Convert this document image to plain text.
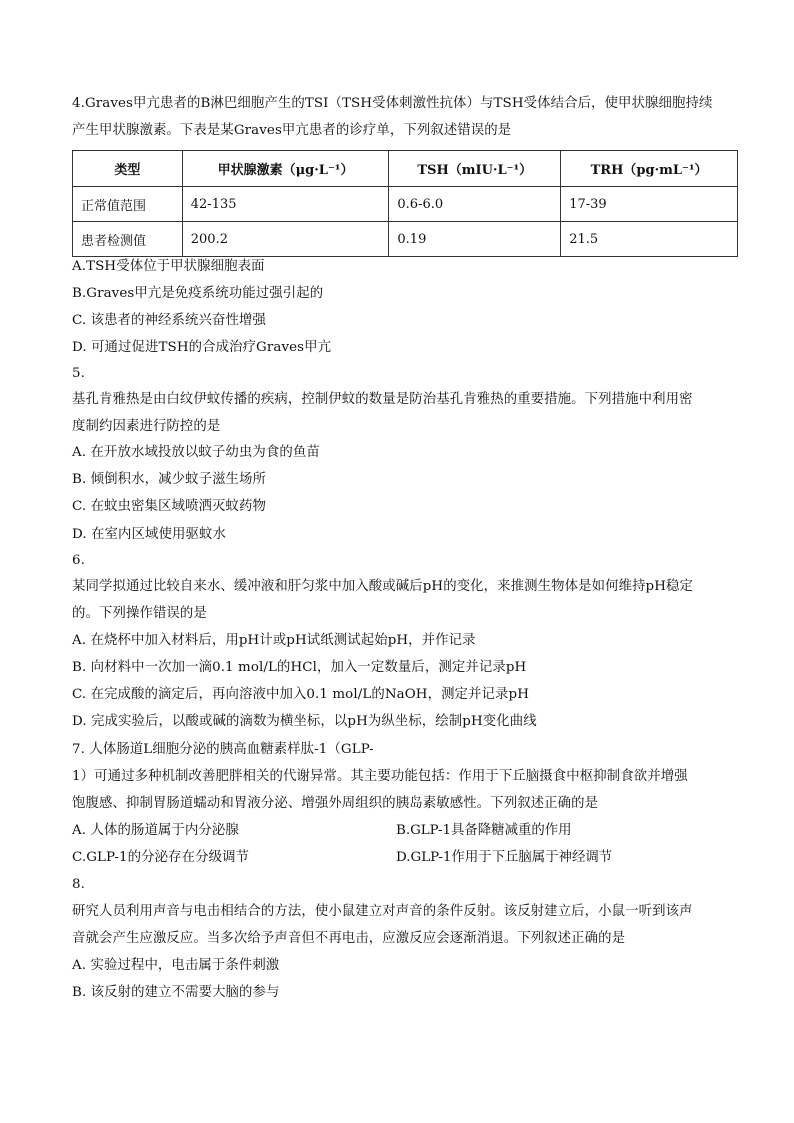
4.Graves甲亢患者的B淋巴细胞产生的TSI（TSH受体刺激性抗体）与TSH受体结合后，使甲状腺细胞持续
产生甲状腺激素。下表是某Graves甲亢患者的诊疗单，下列叙述错误的是
类型	甲状腺激素（μg·L⁻¹）	TSH（mIU·L⁻¹）	TRH（pg·mL⁻¹）
正常值范围	42-135	0.6-6.0	17-39
患者检测值	200.2	0.19	21.5
A.TSH受体位于甲状腺细胞表面
B.Graves甲亢是免疫系统功能过强引起的
C. 该患者的神经系统兴奋性增强
D. 可通过促进TSH的合成治疗Graves甲亢
5.
基孔肯雅热是由白纹伊蚊传播的疾病，控制伊蚊的数量是防治基孔肯雅热的重要措施。下列措施中利用密
度制约因素进行防控的是
A. 在开放水域投放以蚊子幼虫为食的鱼苗
B. 倾倒积水，减少蚊子滋生场所
C. 在蚊虫密集区域喷洒灭蚊药物
D. 在室内区域使用驱蚊水
6.
某同学拟通过比较自来水、缓冲液和肝匀浆中加入酸或碱后pH的变化，来推测生物体是如何维持pH稳定
的。下列操作错误的是
A. 在烧杯中加入材料后，用pH计或pH试纸测试起始pH，并作记录
B. 向材料中一次加一滴0.1 mol/L的HCl，加入一定数量后，测定并记录pH
C. 在完成酸的滴定后，再向溶液中加入0.1 mol/L的NaOH，测定并记录pH
D. 完成实验后，以酸或碱的滴数为横坐标，以pH为纵坐标，绘制pH变化曲线
7. 人体肠道L细胞分泌的胰高血糖素样肽-1（GLP-
1）可通过多种机制改善肥胖相关的代谢异常。其主要功能包括：作用于下丘脑摄食中枢抑制食欲并增强
饱腹感、抑制胃肠道蠕动和胃液分泌、增强外周组织的胰岛素敏感性。下列叙述正确的是
A. 人体的肠道属于内分泌腺	B.GLP-1具备降糖减重的作用
C.GLP-1的分泌存在分级调节	D.GLP-1作用于下丘脑属于神经调节
8.
研究人员利用声音与电击相结合的方法，使小鼠建立对声音的条件反射。该反射建立后，小鼠一听到该声
音就会产生应激反应。当多次给予声音但不再电击，应激反应会逐渐消退。下列叙述正确的是
A. 实验过程中，电击属于条件刺激
B. 该反射的建立不需要大脑的参与
